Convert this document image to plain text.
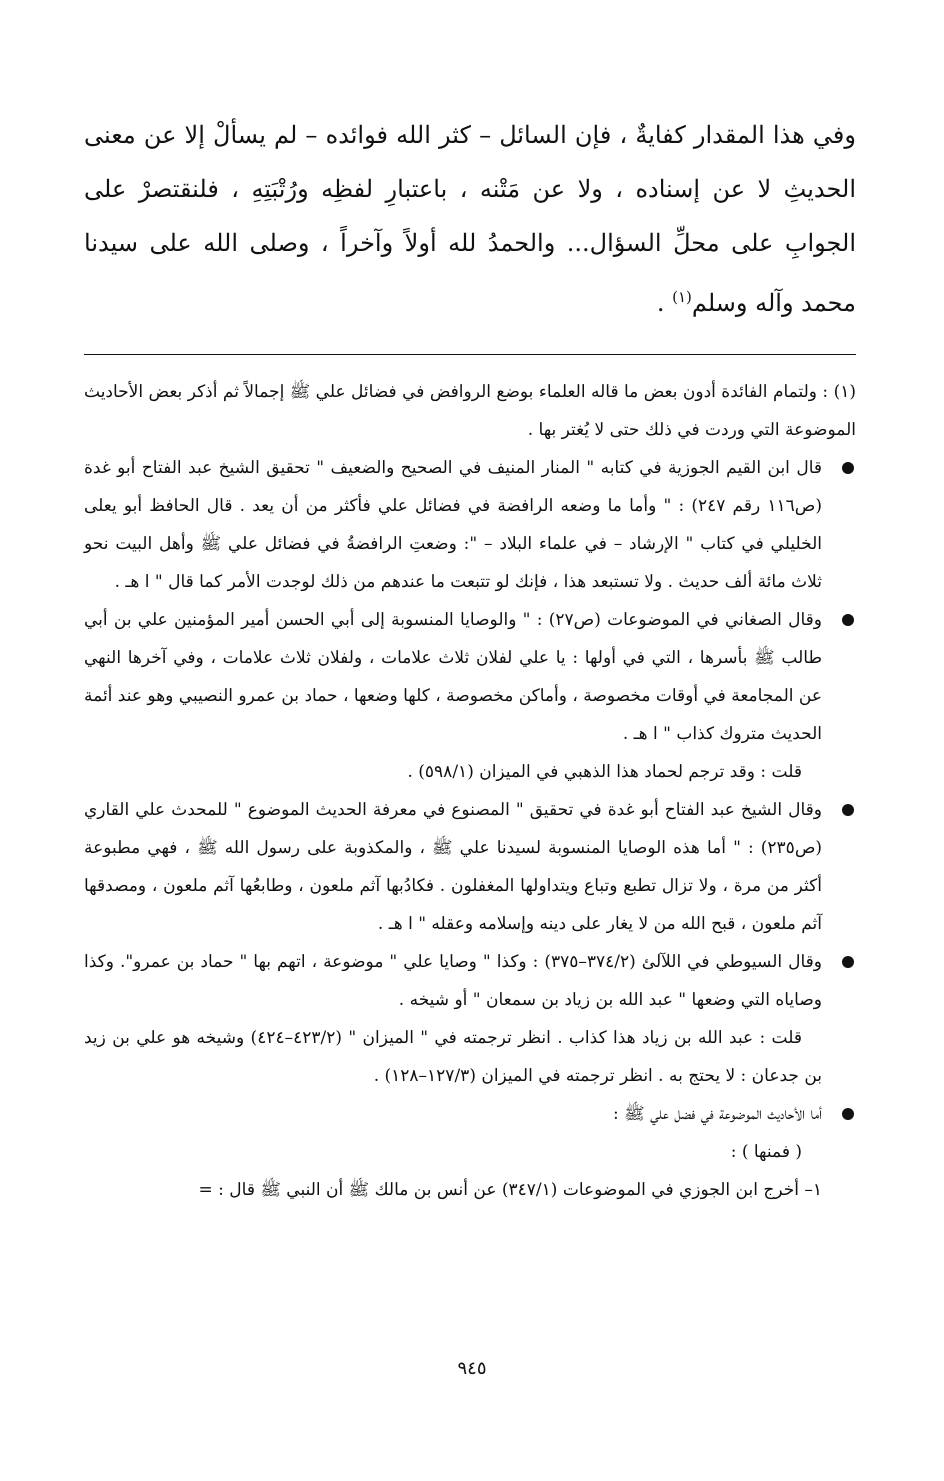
وفي هذا المقدار كفايةٌ ، فإن السائل – كثر الله فوائده – لم يسألْ إلا عن معنى الحديثِ لا عن إسناده ، ولا عن مَتْنه ، باعتبارِ لفظِه ورُتْبَتِهِ ، فلنقتصرْ على الجوابِ على محلِّ السؤال... والحمدُ لله أولاً وآخراً ، وصلى الله على سيدنا محمد وآله وسلم$^{(١)}$ .

(١) : ولتمام الفائدة أدون بعض ما قاله العلماء بوضع الروافض في فضائل علي ﷺ إجمالاً ثم أذكر بعض الأحاديث الموضوعة التي وردت في ذلك حتى لا يُغتر بها .

قال ابن القيم الجوزية في كتابه " المنار المنيف في الصحيح والضعيف " تحقيق الشيخ عبد الفتاح أبو غدة (ص١١٦ رقم ٢٤٧) : " وأما ما وضعه الرافضة في فضائل علي فأكثر من أن يعد . قال الحافظ أبو يعلى الخليلي في كتاب " الإرشاد – في علماء البلاد – ": وضعتِ الرافضةُ في فضائل علي ﷺ وأهل البيت نحو ثلاث مائة ألف حديث . ولا تستبعد هذا ، فإنك لو تتبعت ما عندهم من ذلك لوجدت الأمر كما قال " ا هـ .

وقال الصغاني في الموضوعات (ص٢٧) : " والوصايا المنسوبة إلى أبي الحسن أمير المؤمنين علي بن أبي طالب ﷺ بأسرها ، التي في أولها : يا علي لفلان ثلاث علامات ، ولفلان ثلاث علامات ، وفي آخرها النهي عن المجامعة في أوقات مخصوصة ، وأماكن مخصوصة ، كلها وضعها ، حماد بن عمرو النصيبي وهو عند أئمة الحديث متروك كذاب " ا هـ .

قلت : وقد ترجم لحماد هذا الذهبي في الميزان (٥٩٨/١) .

وقال الشيخ عبد الفتاح أبو غدة في تحقيق " المصنوع في معرفة الحديث الموضوع " للمحدث علي القاري (ص٢٣٥) : " أما هذه الوصايا المنسوبة لسيدنا علي ﷺ ، والمكذوبة على رسول الله ﷺ ، فهي مطبوعة أكثر من مرة ، ولا تزال تطبع وتباع ويتداولها المغفلون . فكادُبها آثم ملعون ، وطابعُها آثم ملعون ، ومصدقها آثم ملعون ، قبح الله من لا يغار على دينه وإسلامه وعقله " ا هـ .

وقال السيوطي في اللآلئ (٣٧٤/٢–٣٧٥) : وكذا " وصايا علي " موضوعة ، اتهم بها " حماد بن عمرو". وكذا وصاياه التي وضعها " عبد الله بن زياد بن سمعان " أو شيخه .

قلت : عبد الله بن زياد هذا كذاب . انظر ترجمته في " الميزان " (٤٢٣/٢–٤٢٤) وشيخه هو علي بن زيد بن جدعان : لا يحتج به . انظر ترجمته في الميزان (١٢٧/٣–١٢٨) .

أما الأحاديث الموضوعة في فضل علي ﷺ :

( فمنها ) :

١– أخرج ابن الجوزي في الموضوعات (٣٤٧/١) عن أنس بن مالك ﷺ أن النبي ﷺ قال : =

٩٤٥
